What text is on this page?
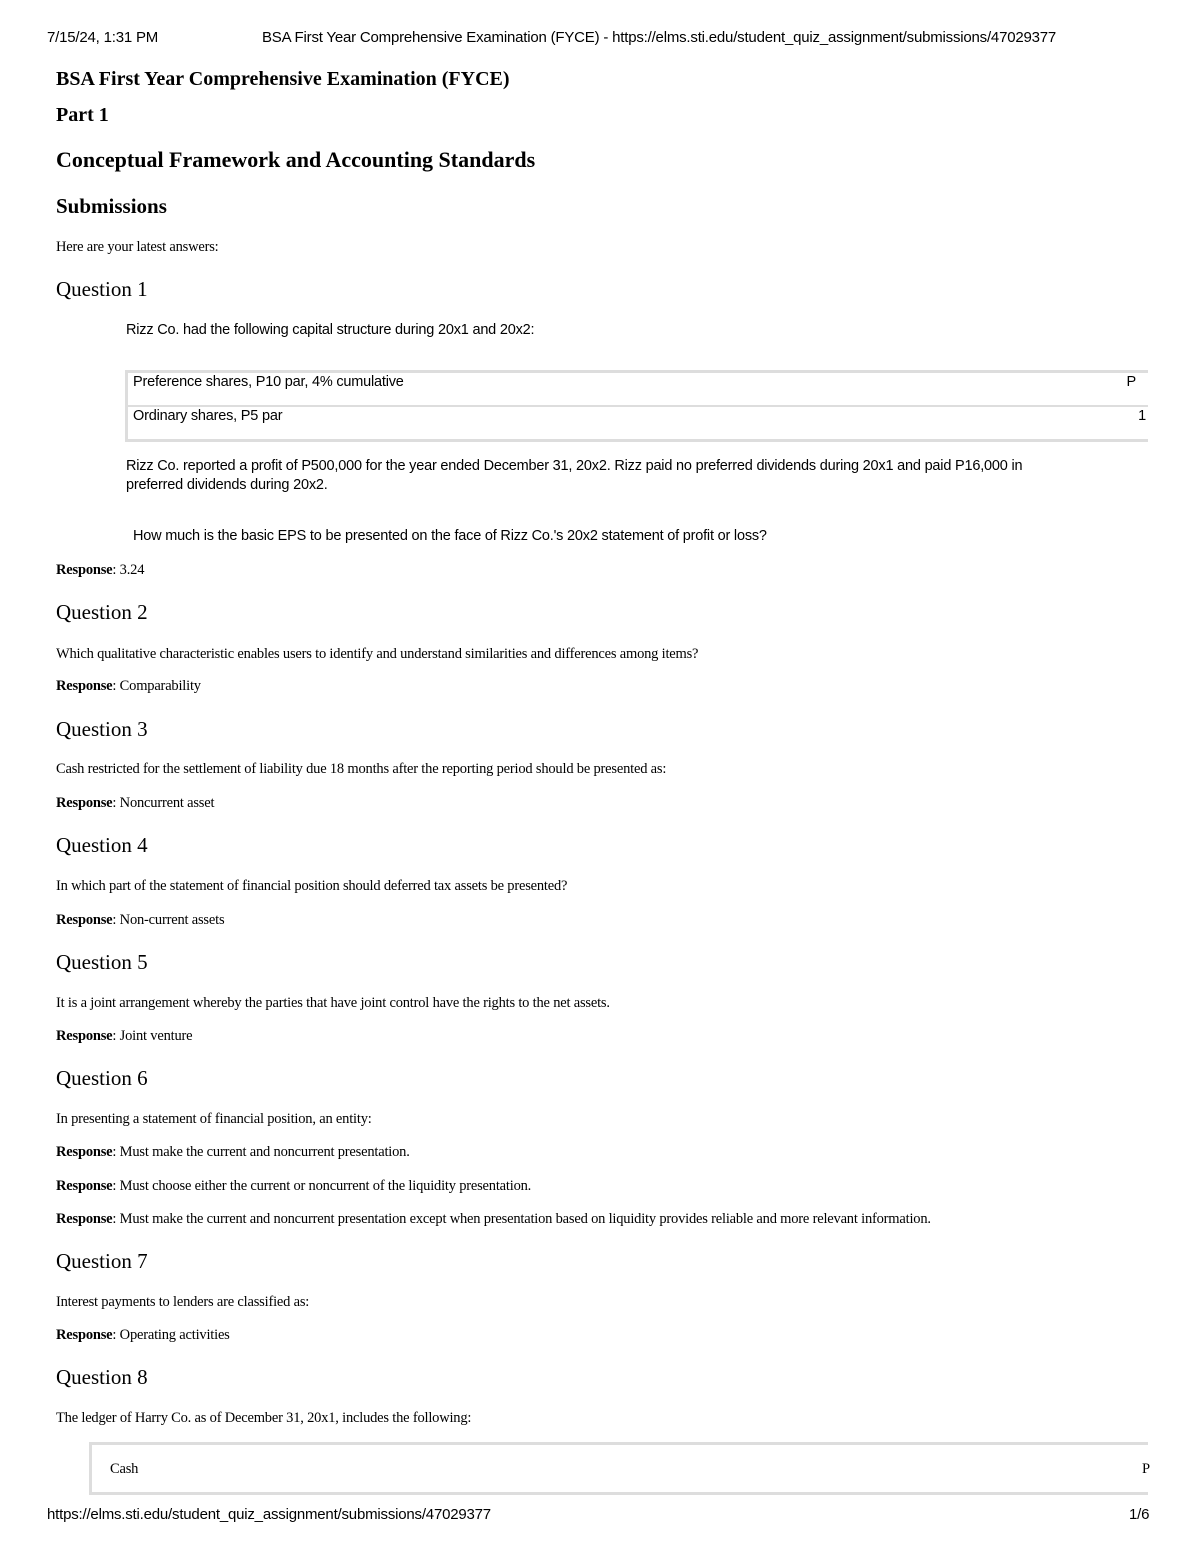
7/15/24, 1:31 PM	BSA First Year Comprehensive Examination (FYCE) - https://elms.sti.edu/student_quiz_assignment/submissions/47029377
BSA First Year Comprehensive Examination (FYCE)
Part 1
Conceptual Framework and Accounting Standards
Submissions
Here are your latest answers:
Question 1
Rizz Co. had the following capital structure during 20x1 and 20x2:
Preference shares, P10 par, 4% cumulative	P
Ordinary shares, P5 par	1
Rizz Co. reported a profit of P500,000 for the year ended December 31, 20x2. Rizz paid no preferred dividends during 20x1 and paid P16,000 in
preferred dividends during 20x2.
How much is the basic EPS to be presented on the face of Rizz Co.'s 20x2 statement of profit or loss?
Response: 3.24
Question 2
Which qualitative characteristic enables users to identify and understand similarities and differences among items?
Response: Comparability
Question 3
Cash restricted for the settlement of liability due 18 months after the reporting period should be presented as:
Response: Noncurrent asset
Question 4
In which part of the statement of financial position should deferred tax assets be presented?
Response: Non-current assets
Question 5
It is a joint arrangement whereby the parties that have joint control have the rights to the net assets.
Response: Joint venture
Question 6
In presenting a statement of financial position, an entity:
Response: Must make the current and noncurrent presentation.
Response: Must choose either the current or noncurrent of the liquidity presentation.
Response: Must make the current and noncurrent presentation except when presentation based on liquidity provides reliable and more relevant information.
Question 7
Interest payments to lenders are classified as:
Response: Operating activities
Question 8
The ledger of Harry Co. as of December 31, 20x1, includes the following:
Cash	P
https://elms.sti.edu/student_quiz_assignment/submissions/47029377	1/6
